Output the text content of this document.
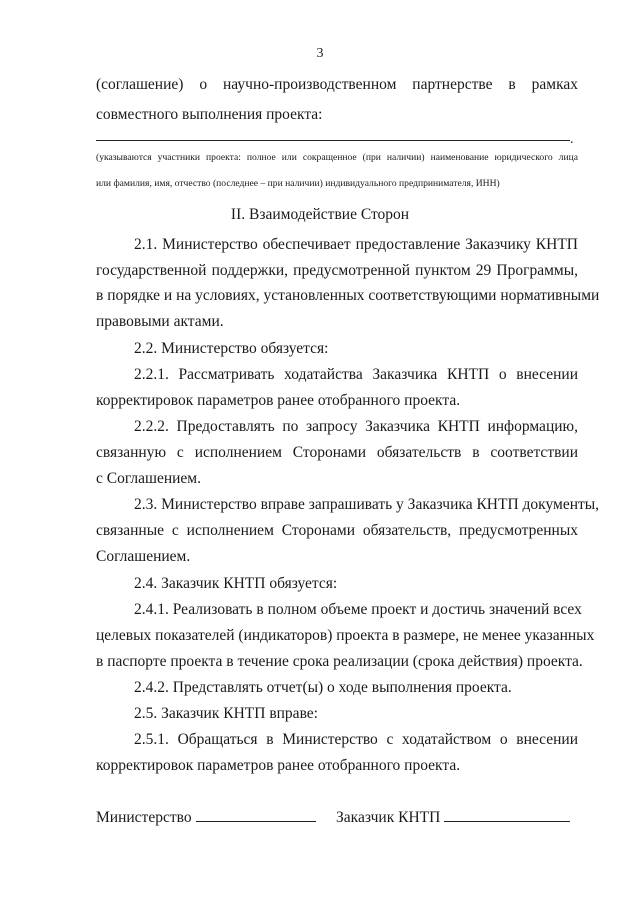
3
(соглашение) о научно-производственном партнерстве в рамках
совместного выполнения проекта:
.
(указываются участники проекта: полное или сокращенное (при наличии) наименование юридического лица
или фамилия, имя, отчество (последнее – при наличии) индивидуального предпринимателя, ИНН)
II. Взаимодействие Сторон
2.1. Министерство обеспечивает предоставление Заказчику КНТП
государственной поддержки, предусмотренной пунктом 29 Программы,
в порядке и на условиях, установленных соответствующими нормативными
правовыми актами.
2.2. Министерство обязуется:
2.2.1. Рассматривать ходатайства Заказчика КНТП о внесении
корректировок параметров ранее отобранного проекта.
2.2.2. Предоставлять по запросу Заказчика КНТП информацию,
связанную с исполнением Сторонами обязательств в соответствии
с Соглашением.
2.3. Министерство вправе запрашивать у Заказчика КНТП документы,
связанные с исполнением Сторонами обязательств, предусмотренных
Соглашением.
2.4. Заказчик КНТП обязуется:
2.4.1. Реализовать в полном объеме проект и достичь значений всех
целевых показателей (индикаторов) проекта в размере, не менее указанных
в паспорте проекта в течение срока реализации (срока действия) проекта.
2.4.2. Представлять отчет(ы) о ходе выполнения проекта.
2.5. Заказчик КНТП вправе:
2.5.1. Обращаться в Министерство с ходатайством о внесении
корректировок параметров ранее отобранного проекта.
Министерство	Заказчик КНТП
